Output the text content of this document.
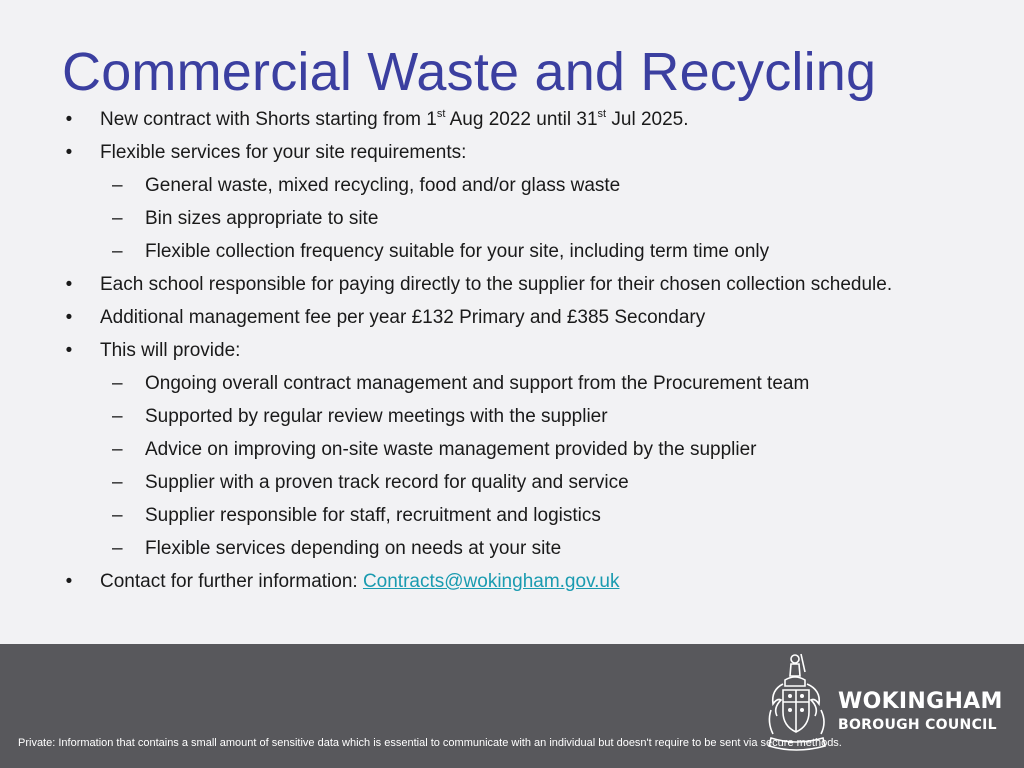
Commercial Waste and Recycling
• New contract with Shorts starting from 1st Aug 2022 until 31st Jul 2025.
• Flexible services for your site requirements:
– General waste, mixed recycling, food and/or glass waste
– Bin sizes appropriate to site
– Flexible collection frequency suitable for your site, including term time only
• Each school responsible for paying directly to the supplier for their chosen collection schedule.
• Additional management fee per year £132 Primary and £385 Secondary
• This will provide:
– Ongoing overall contract management and support from the Procurement team
– Supported by regular review meetings with the supplier
– Advice on improving on-site waste management provided by the supplier
– Supplier with a proven track record for quality and service
– Supplier responsible for staff, recruitment and logistics
– Flexible services depending on needs at your site
• Contact for further information: Contracts@wokingham.gov.uk
WOKINGHAM
BOROUGH COUNCIL
Private: Information that contains a small amount of sensitive data which is essential to communicate with an individual but doesn't require to be sent via secure methods.
